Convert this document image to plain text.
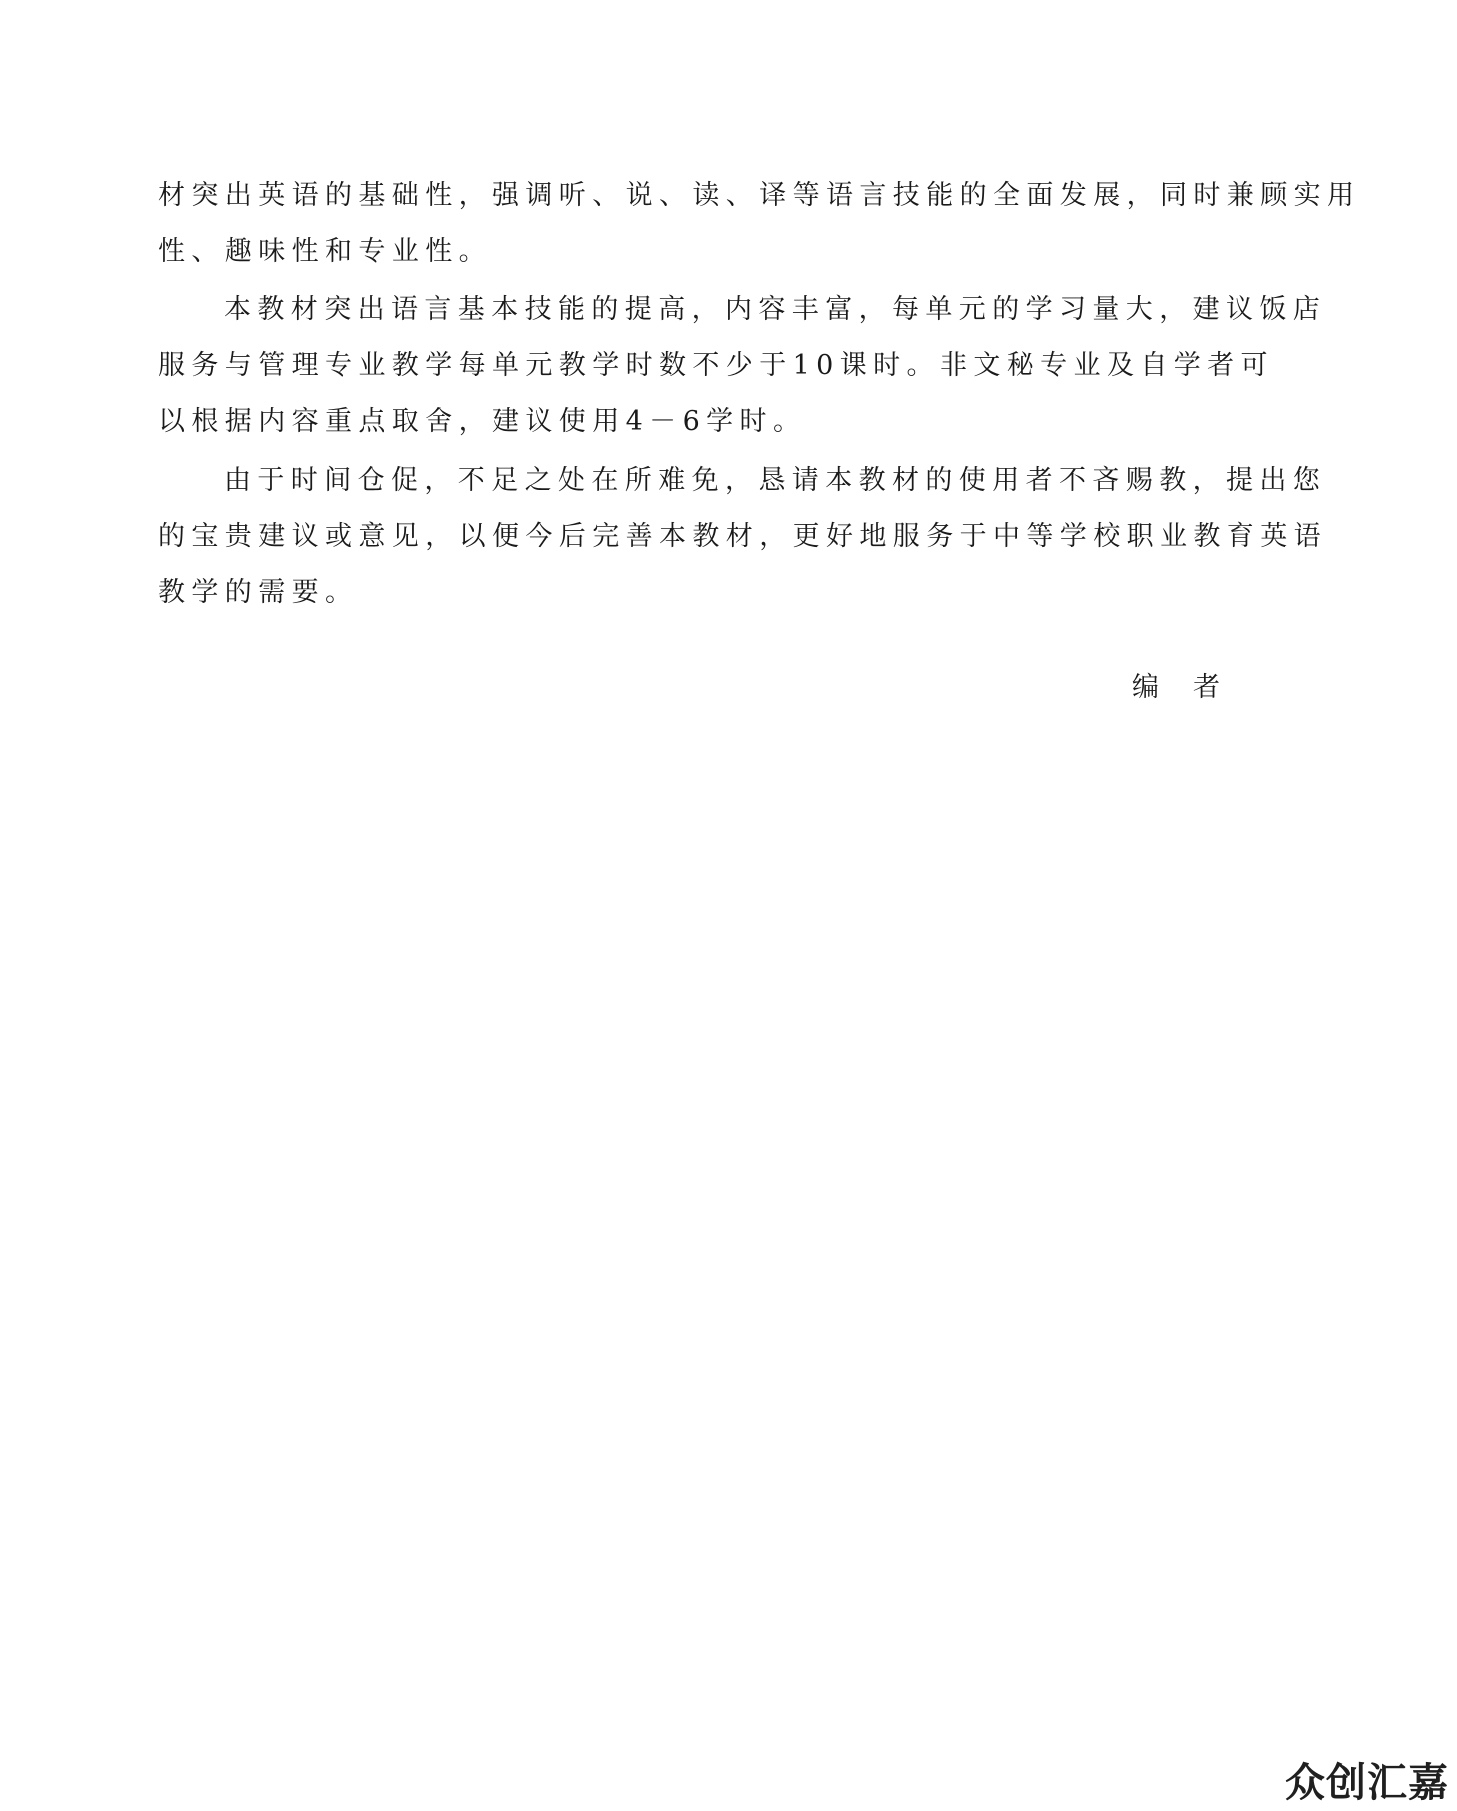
材突出英语的基础性，强调听、说、读、译等语言技能的全面发展，同时兼顾实用
性、趣味性和专业性。

本教材突出语言基本技能的提高，内容丰富，每单元的学习量大，建议饭店
服务与管理专业教学每单元教学时数不少于10课时。非文秘专业及自学者可
以根据内容重点取舍，建议使用4－6学时。

由于时间仓促，不足之处在所难免，恳请本教材的使用者不吝赐教，提出您
的宝贵建议或意见，以便今后完善本教材，更好地服务于中等学校职业教育英语
教学的需要。

编者
众创汇嘉
